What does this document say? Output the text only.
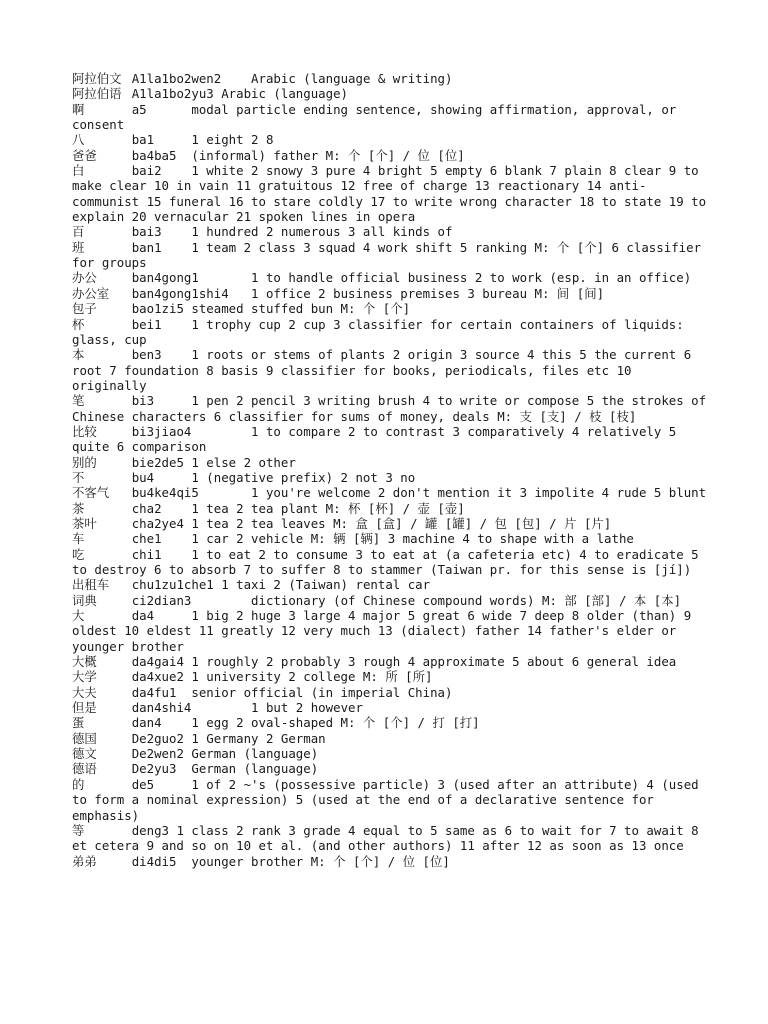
阿拉伯文	A1la1bo2wen2	Arabic (language & writing)

阿拉伯语	A1la1bo2yu3 Arabic (language)

啊	a5	modal particle ending sentence, showing affirmation, approval, or consent

八	ba1	1 eight 2 8

爸爸	ba4ba5	(informal) father M: 个 [个] / 位 [位]

白	bai2	1 white 2 snowy 3 pure 4 bright 5 empty 6 blank 7 plain 8 clear 9 to make clear 10 in vain 11 gratuitous 12 free of charge 13 reactionary 14 anti-communist 15 funeral 16 to stare coldly 17 to write wrong character 18 to state 19 to explain 20 vernacular 21 spoken lines in opera

百	bai3	1 hundred 2 numerous 3 all kinds of

班	ban1	1 team 2 class 3 squad 4 work shift 5 ranking M: 个 [个] 6 classifier for groups

办公	ban4gong1	1 to handle official business 2 to work (esp. in an office)

办公室	ban4gong1shi4	1 office 2 business premises 3 bureau M: 间 [间]

包子	bao1zi5	steamed stuffed bun M: 个 [个]

杯	bei1	1 trophy cup 2 cup 3 classifier for certain containers of liquids: glass, cup

本	ben3	1 roots or stems of plants 2 origin 3 source 4 this 5 the current 6 root 7 foundation 8 basis 9 classifier for books, periodicals, files etc 10 originally

笔	bi3	1 pen 2 pencil 3 writing brush 4 to write or compose 5 the strokes of Chinese characters 6 classifier for sums of money, deals M: 支 [支] / 枝 [枝]

比较	bi3jiao4	1 to compare 2 to contrast 3 comparatively 4 relatively 5 quite 6 comparison

别的	bie2de5	1 else 2 other

不	bu4	1 (negative prefix) 2 not 3 no

不客气	bu4ke4qi5	1 you're welcome 2 don't mention it 3 impolite 4 rude 5 blunt

茶	cha2	1 tea 2 tea plant M: 杯 [杯] / 壶 [壶]

茶叶	cha2ye4	1 tea 2 tea leaves M: 盒 [盒] / 罐 [罐] / 包 [包] / 片 [片]

车	che1	1 car 2 vehicle M: 辆 [辆] 3 machine 4 to shape with a lathe

吃	chi1	1 to eat 2 to consume 3 to eat at (a cafeteria etc) 4 to eradicate 5 to destroy 6 to absorb 7 to suffer 8 to stammer (Taiwan pr. for this sense is [jí])

出租车	chu1zu1che1 1 taxi 2 (Taiwan) rental car

词典	ci2dian3	dictionary (of Chinese compound words) M: 部 [部] / 本 [本]

大	da4	1 big 2 huge 3 large 4 major 5 great 6 wide 7 deep 8 older (than) 9 oldest 10 eldest 11 greatly 12 very much 13 (dialect) father 14 father's elder or younger brother

大概	da4gai4	1 roughly 2 probably 3 rough 4 approximate 5 about 6 general idea

大学	da4xue2	1 university 2 college M: 所 [所]

大夫	da4fu1	senior official (in imperial China)

但是	dan4shi4	1 but 2 however

蛋	dan4	1 egg 2 oval-shaped M: 个 [个] / 打 [打]

德国	De2guo2	1 Germany 2 German

德文	De2wen2	German (language)

德语	De2yu3	German (language)

的	de5	1 of 2 ~'s (possessive particle) 3 (used after an attribute) 4 (used to form a nominal expression) 5 (used at the end of a declarative sentence for emphasis)

等	deng3 1 class 2 rank 3 grade 4 equal to 5 same as 6 to wait for 7 to await 8 et cetera 9 and so on 10 et al. (and other authors) 11 after 12 as soon as 13 once

弟弟	di4di5	younger brother M: 个 [个] / 位 [位]
